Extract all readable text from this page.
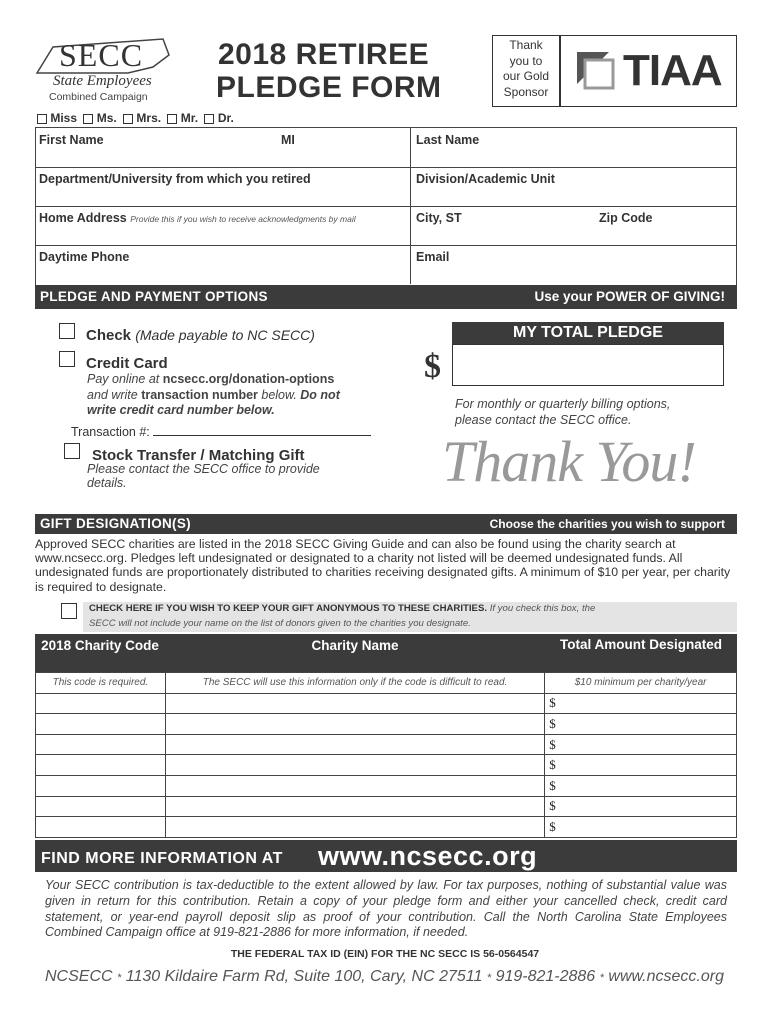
SECC
State Employees
Combined Campaign
2018 RETIREE
PLEDGE FORM
Thank
you to
our Gold
Sponsor TIAA
Miss Ms. Mrs. Mr. Dr.
First Name	MI	Last Name
Department/University from which you retired	Division/Academic Unit
Home Address Provide this if you wish to receive acknowledgments by mail	City, ST	Zip Code
Daytime Phone	Email
PLEDGE AND PAYMENT OPTIONS	Use your POWER OF GIVING!
Check (Made payable to NC SECC)
Credit Card
Pay online at ncsecc.org/donation-options
and write transaction number below. Do not
write credit card number below.
Transaction #:
Stock Transfer / Matching Gift
Please contact the SECC office to provide
details.
MY TOTAL PLEDGE
$
For monthly or quarterly billing options,
please contact the SECC office.
Thank You!
GIFT DESIGNATION(S)	Choose the charities you wish to support
Approved SECC charities are listed in the 2018 SECC Giving Guide and can also be found using the charity search at www.ncsecc.org. Pledges left undesignated or designated to a charity not listed will be deemed undesignated funds. All undesignated funds are proportionately distributed to charities receiving designated gifts. A minimum of $10 per year, per charity is required to designate.
CHECK HERE IF YOU WISH TO KEEP YOUR GIFT ANONYMOUS TO THESE CHARITIES. If you check this box, the
SECC will not include your name on the list of donors given to the charities you designate.
2018 Charity Code	Charity Name	Total Amount Designated
This code is required.	The SECC will use this information only if the code is difficult to read.	$10 minimum per charity/year
		$
		$
		$
		$
		$
		$
		$
FIND MORE INFORMATION AT www.ncsecc.org
Your SECC contribution is tax-deductible to the extent allowed by law. For tax purposes, nothing of substantial value was given in return for this contribution. Retain a copy of your pledge form and either your cancelled check, credit card statement, or year-end payroll deposit slip as proof of your contribution. Call the North Carolina State Employees Combined Campaign office at 919-821-2886 for more information, if needed.
THE FEDERAL TAX ID (EIN) FOR THE NC SECC IS 56-0564547
NCSECC * 1130 Kildaire Farm Rd, Suite 100, Cary, NC 27511 * 919-821-2886 * www.ncsecc.org
